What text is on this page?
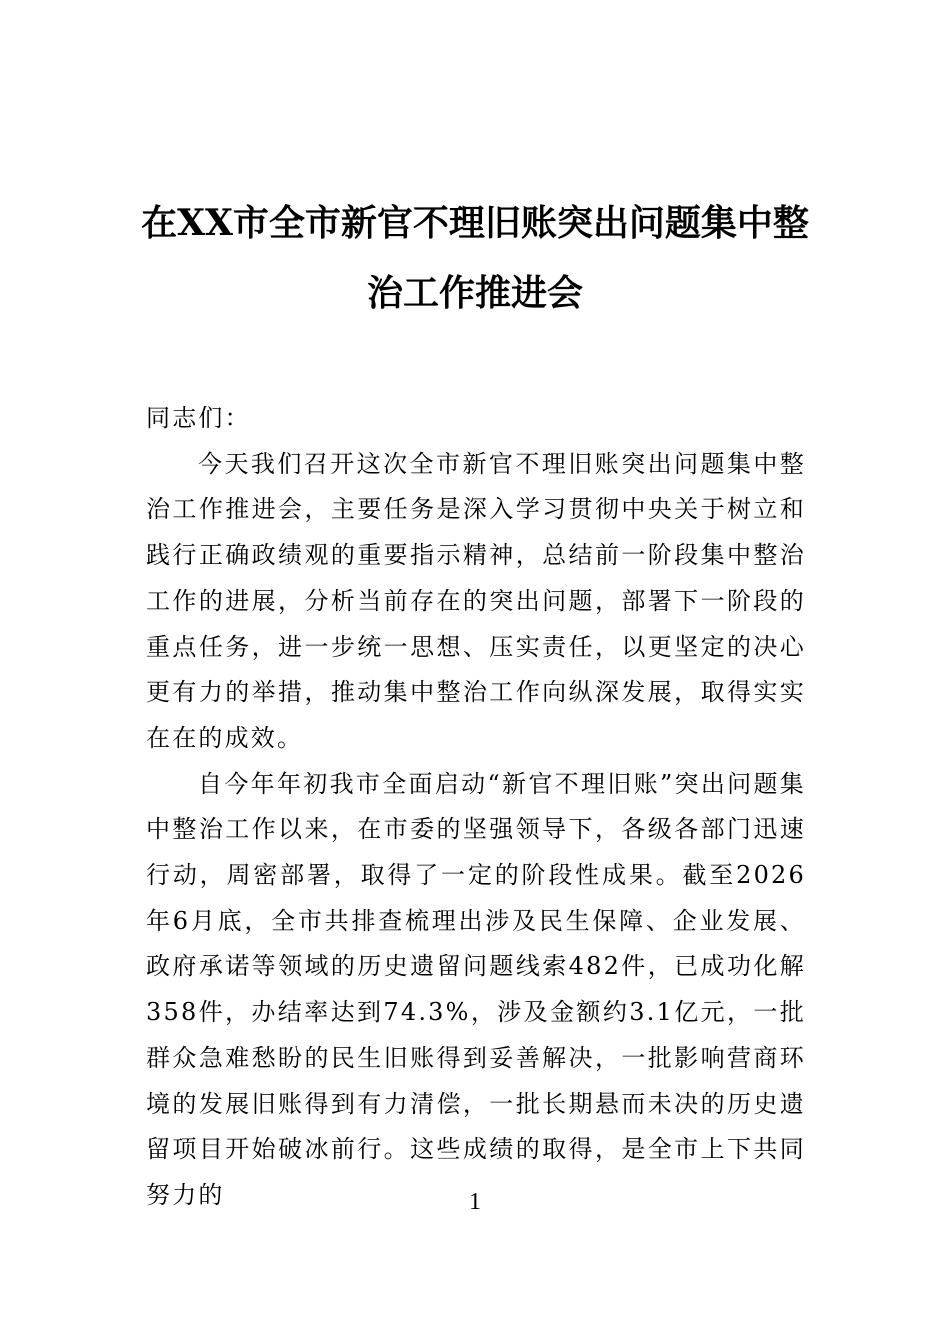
在XX市全市新官不理旧账突出问题集中整
治工作推进会

同志们：

今天我们召开这次全市新官不理旧账突出问题集中整治工作推进会，主要任务是深入学习贯彻中央关于树立和践行正确政绩观的重要指示精神，总结前一阶段集中整治工作的进展，分析当前存在的突出问题，部署下一阶段的重点任务，进一步统一思想、压实责任，以更坚定的决心更有力的举措，推动集中整治工作向纵深发展，取得实实在在的成效。

自今年年初我市全面启动“新官不理旧账”突出问题集中整治工作以来，在市委的坚强领导下，各级各部门迅速行动，周密部署，取得了一定的阶段性成果。截至2026年6月底，全市共排查梳理出涉及民生保障、企业发展、政府承诺等领域的历史遗留问题线索482件，已成功化解358件，办结率达到74.3%，涉及金额约3.1亿元，一批群众急难愁盼的民生旧账得到妥善解决，一批影响营商环境的发展旧账得到有力清偿，一批长期悬而未决的历史遗留项目开始破冰前行。这些成绩的取得，是全市上下共同努力的	1
